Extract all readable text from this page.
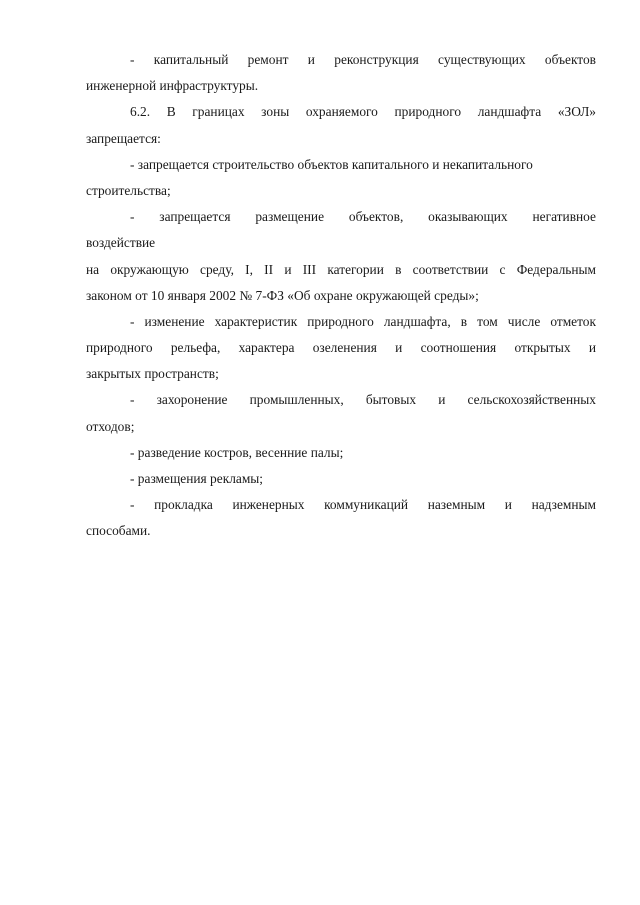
- капитальный ремонт и реконструкция существующих объектов
инженерной инфраструктуры.
6.2. В границах зоны охраняемого природного ландшафта «ЗОЛ»
запрещается:
- запрещается строительство объектов капитального и некапитального
строительства;
- запрещается размещение объектов, оказывающих негативное
воздействие
на окружающую среду, I, II и III категории в соответствии с Федеральным
законом от 10 января 2002 № 7-ФЗ «Об охране окружающей среды»;
- изменение характеристик природного ландшафта, в том числе отметок
природного рельефа, характера озеленения и соотношения открытых и
закрытых пространств;
- захоронение промышленных, бытовых и сельскохозяйственных
отходов;
- разведение костров, весенние палы;
- размещения рекламы;
- прокладка инженерных коммуникаций наземным и надземным
способами.
